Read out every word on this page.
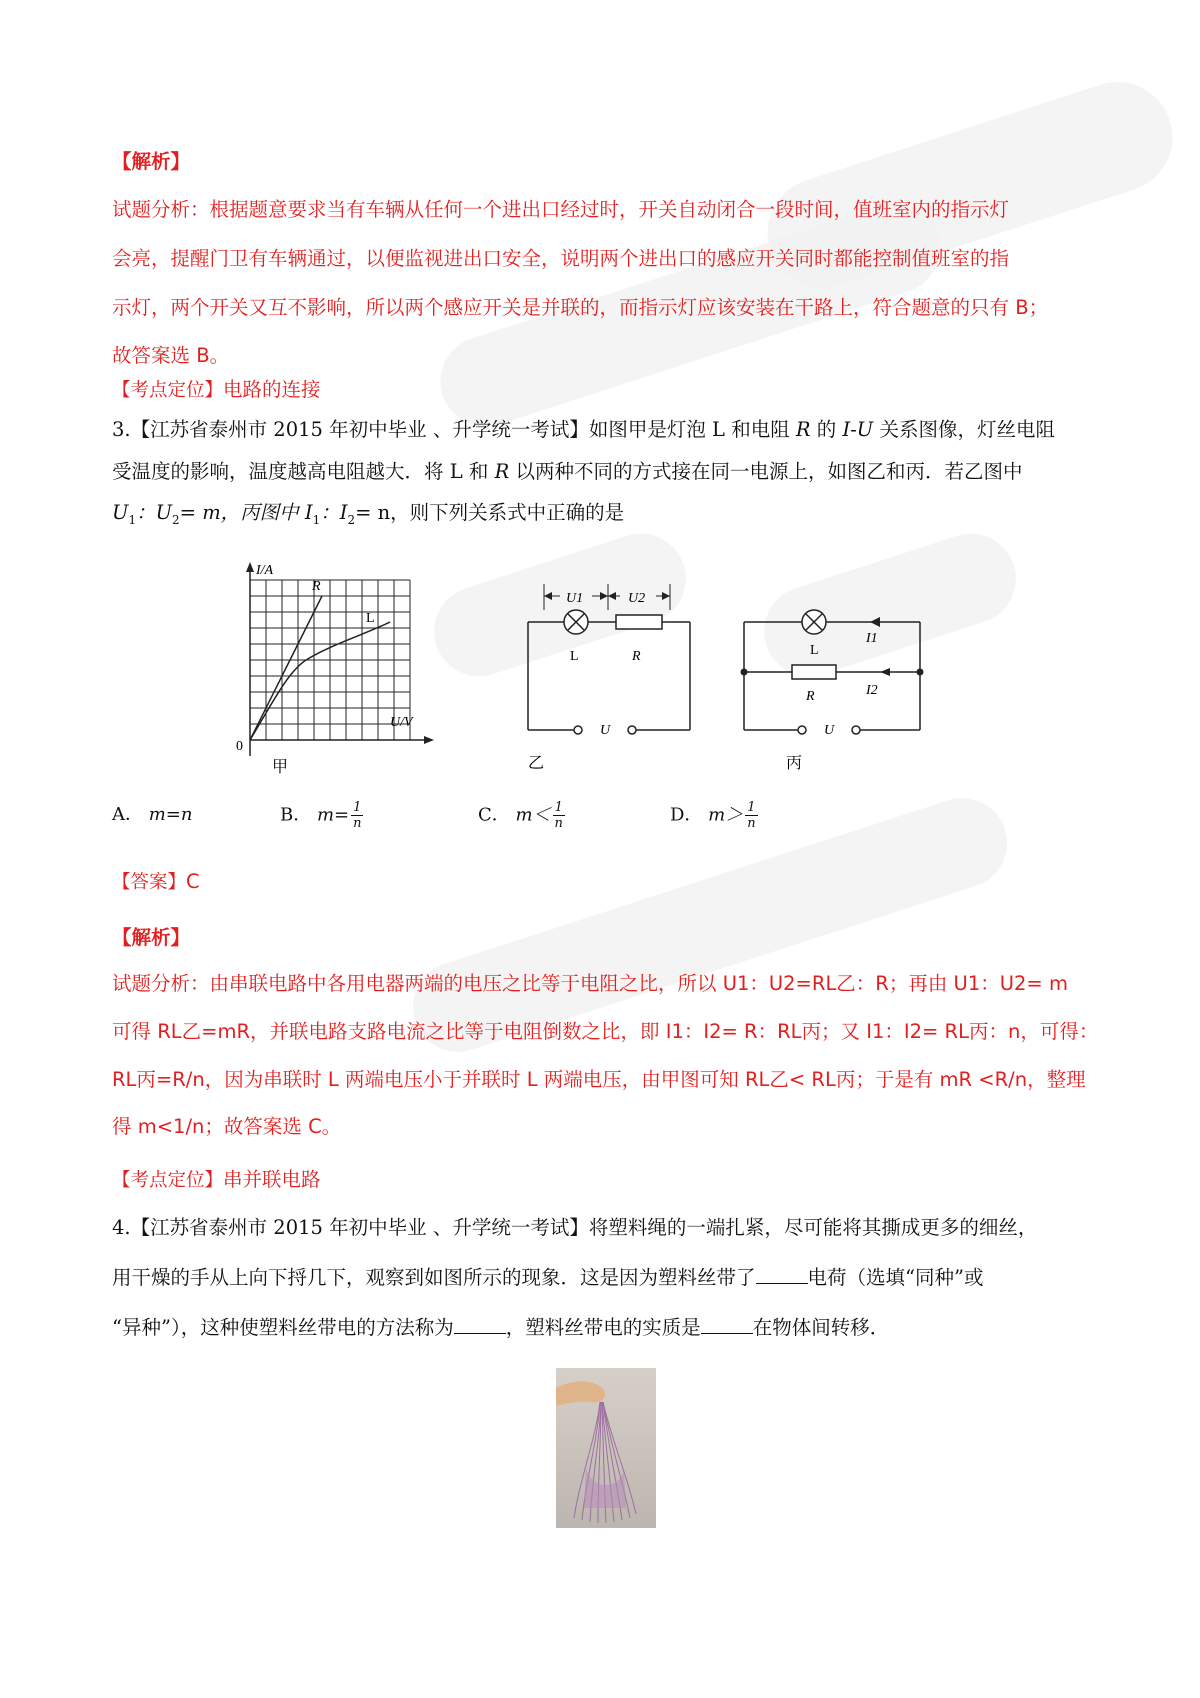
【解析】
试题分析：根据题意要求当有车辆从任何一个进出口经过时，开关自动闭合一段时间，值班室内的指示灯
会亮，提醒门卫有车辆通过，以便监视进出口安全，说明两个进出口的感应开关同时都能控制值班室的指
示灯，两个开关又互不影响，所以两个感应开关是并联的，而指示灯应该安装在干路上，符合题意的只有 B；
故答案选 B。
【考点定位】电路的连接
3.【江苏省泰州市 2015 年初中毕业 、升学统一考试】如图甲是灯泡 L 和电阻 R 的 I-U 关系图像，灯丝电阻
受温度的影响，温度越高电阻越大．将 L 和 R 以两种不同的方式接在同一电源上，如图乙和丙．若乙图中
$U_1$：$U_2= m$，丙图中 $I_1$：$I_2= n$，则下列关系式中正确的是
I/A
R
L
U/V
0
甲
U1	U2
L	R
U
乙
L
I1
R	I2
U
丙
A． m=n	B． $m= \frac{1}{n}$	C． $m< \frac{1}{n}$	D． $m> \frac{1}{n}$
【答案】C
【解析】
试题分析：由串联电路中各用电器两端的电压之比等于电阻之比，所以 U1：U2=RL乙：R；再由 U1：U2= m
可得 RL乙=mR，并联电路支路电流之比等于电阻倒数之比，即 I1：I2= R：RL丙；又 I1：I2= RL丙：n，可得：
RL丙=R/n，因为串联时 L 两端电压小于并联时 L 两端电压，由甲图可知 RL乙< RL丙；于是有 mR <R/n，整理
得 m<1/n；故答案选 C。
【考点定位】串并联电路
4.【江苏省泰州市 2015 年初中毕业 、升学统一考试】将塑料绳的一端扎紧，尽可能将其撕成更多的细丝，
用干燥的手从上向下捋几下，观察到如图所示的现象．这是因为塑料丝带了	电荷（选填“同种”或
“异种”），这种使塑料丝带电的方法称为	，塑料丝带电的实质是	在物体间转移．
